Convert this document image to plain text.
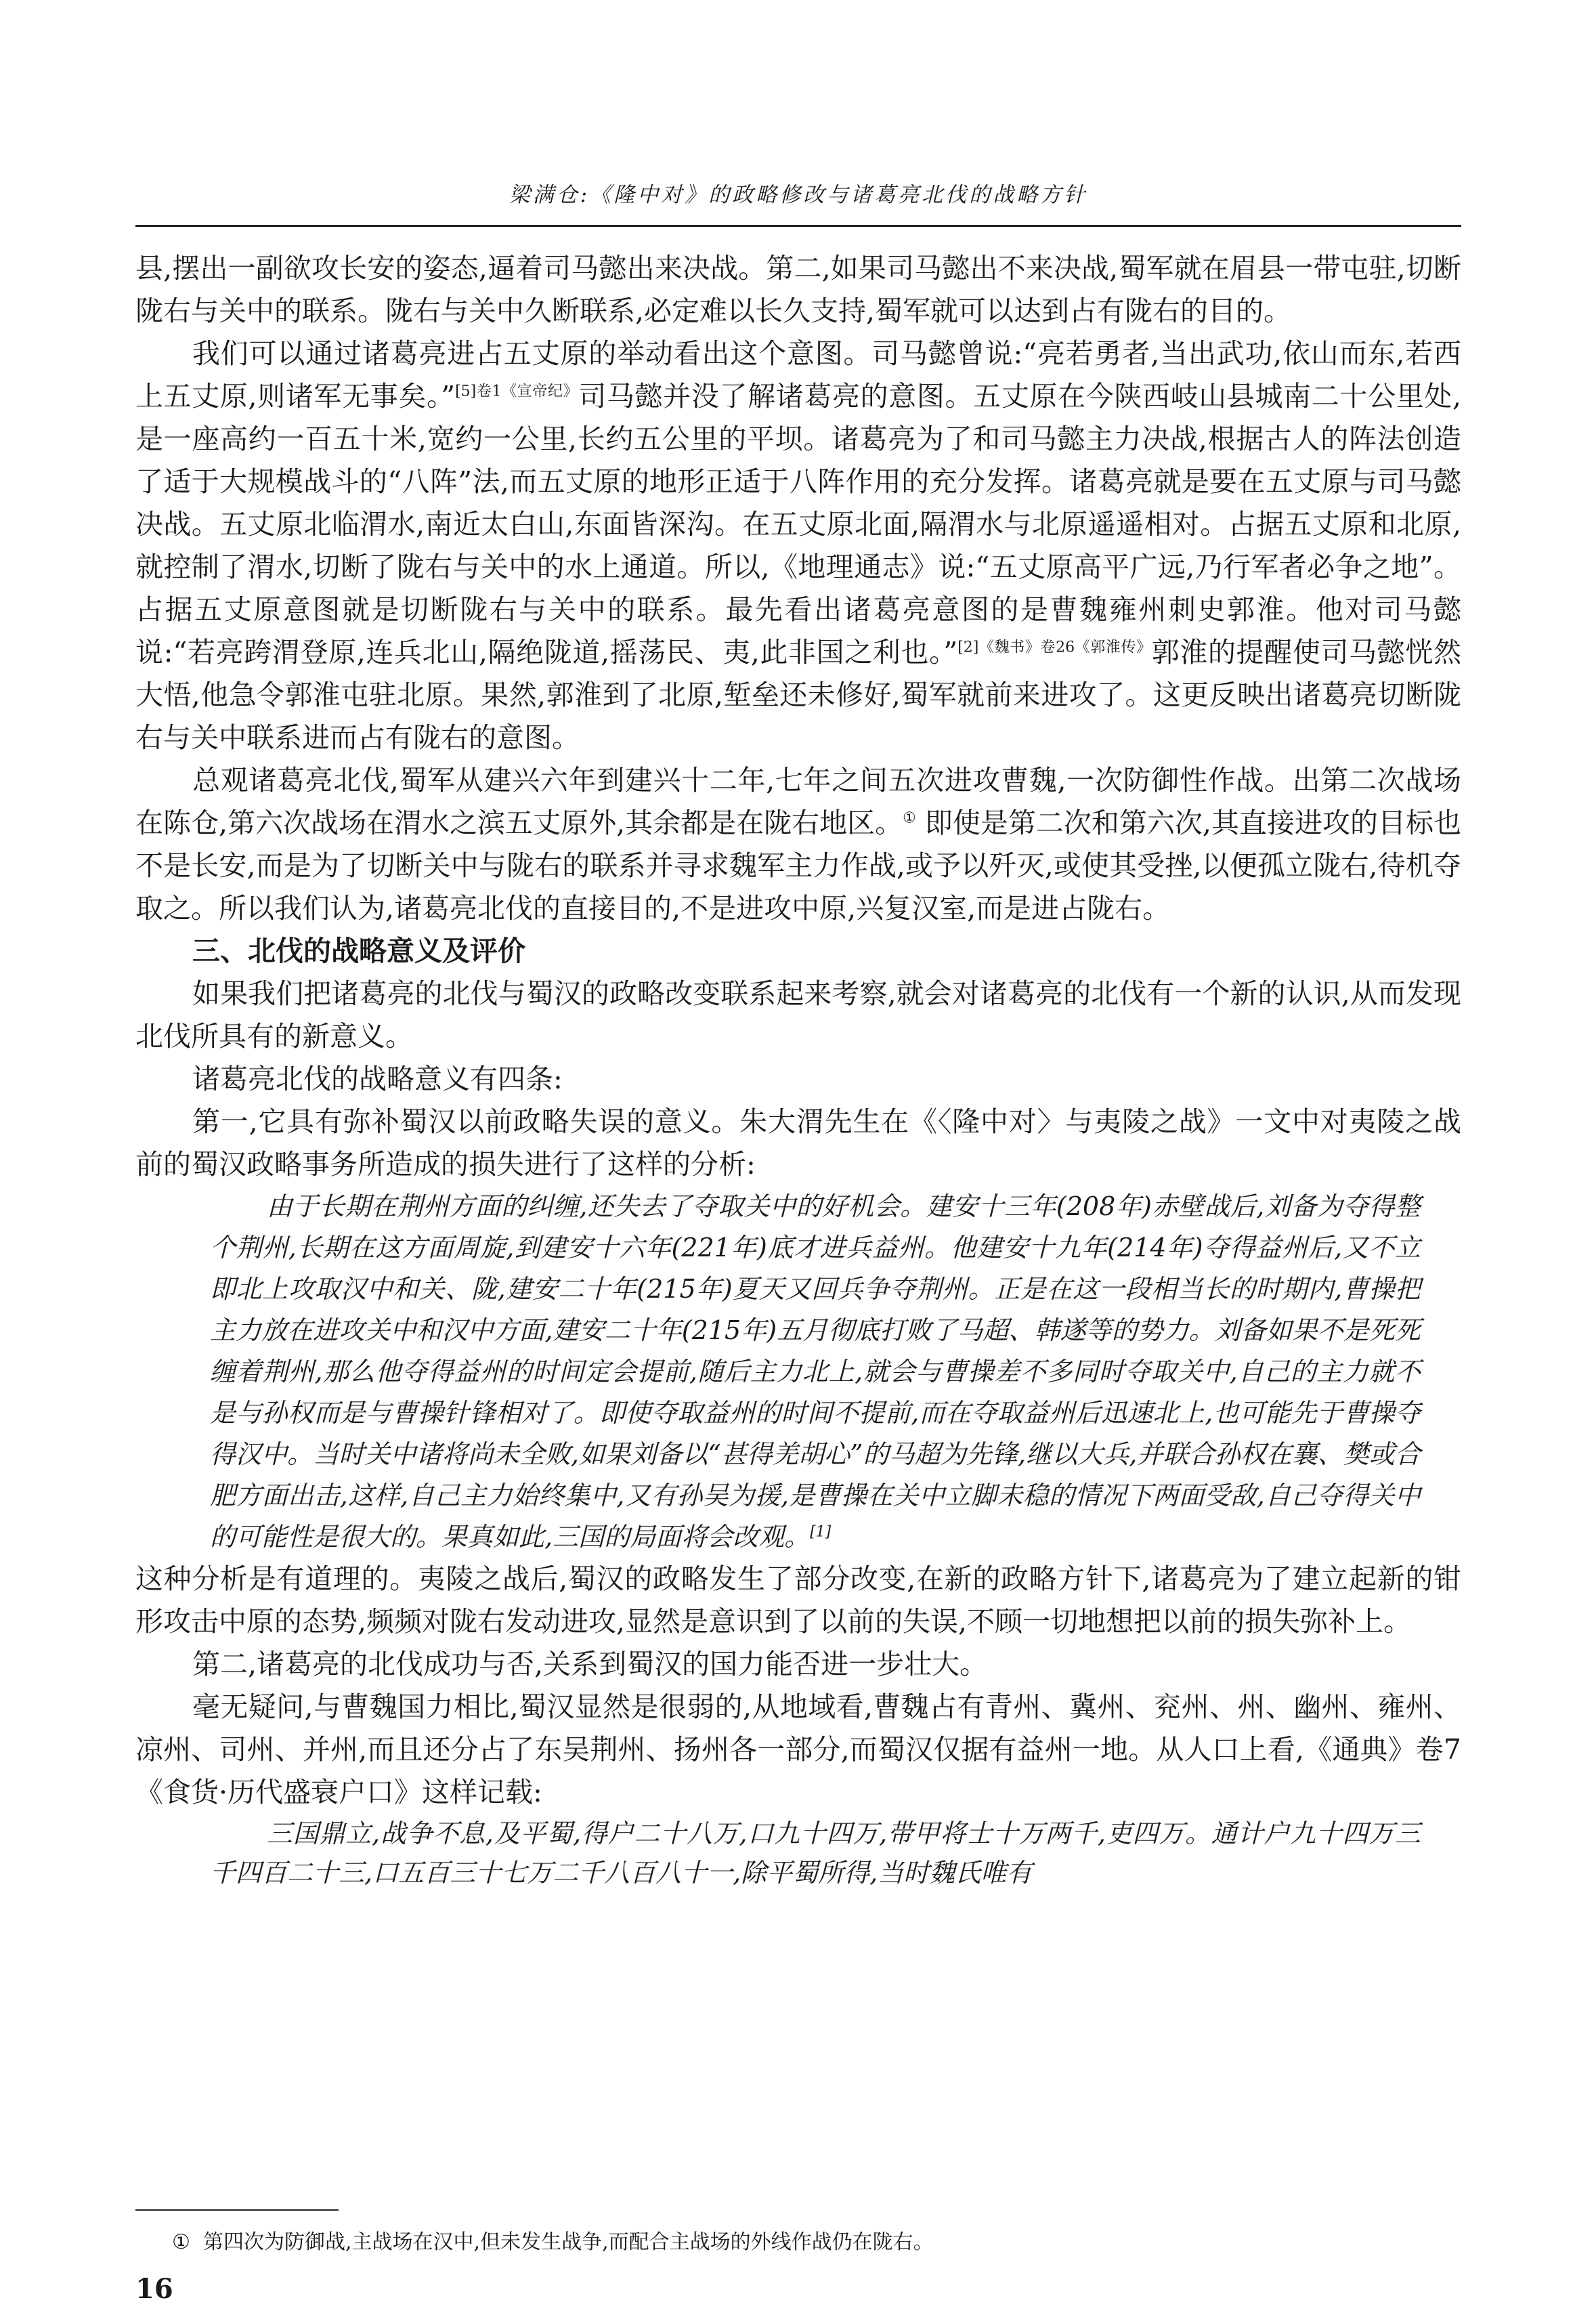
梁满仓:《隆中对》的政略修改与诸葛亮北伐的战略方针

县,摆出一副欲攻长安的姿态,逼着司马懿出来决战。第二,如果司马懿出不来决战,蜀军就在眉县一带屯驻,切断陇右与关中的联系。陇右与关中久断联系,必定难以长久支持,蜀军就可以达到占有陇右的目的。

我们可以通过诸葛亮进占五丈原的举动看出这个意图。司马懿曾说:“亮若勇者,当出武功,依山而东,若西上五丈原,则诸军无事矣。”$^{[5]卷1《宣帝纪》}$司马懿并没了解诸葛亮的意图。五丈原在今陕西岐山县城南二十公里处,是一座高约一百五十米,宽约一公里,长约五公里的平坝。诸葛亮为了和司马懿主力决战,根据古人的阵法创造了适于大规模战斗的“八阵”法,而五丈原的地形正适于八阵作用的充分发挥。诸葛亮就是要在五丈原与司马懿决战。五丈原北临渭水,南近太白山,东面皆深沟。在五丈原北面,隔渭水与北原遥遥相对。占据五丈原和北原,就控制了渭水,切断了陇右与关中的水上通道。所以,《地理通志》说:“五丈原高平广远,乃行军者必争之地”。占据五丈原意图就是切断陇右与关中的联系。最先看出诸葛亮意图的是曹魏雍州刺史郭淮。他对司马懿说:“若亮跨渭登原,连兵北山,隔绝陇道,摇荡民、夷,此非国之利也。”$^{[2]《魏书》卷26《郭淮传》}$郭淮的提醒使司马懿恍然大悟,他急令郭淮屯驻北原。果然,郭淮到了北原,堑垒还未修好,蜀军就前来进攻了。这更反映出诸葛亮切断陇右与关中联系进而占有陇右的意图。

总观诸葛亮北伐,蜀军从建兴六年到建兴十二年,七年之间五次进攻曹魏,一次防御性作战。出第二次战场在陈仓,第六次战场在渭水之滨五丈原外,其余都是在陇右地区。① 即使是第二次和第六次,其直接进攻的目标也不是长安,而是为了切断关中与陇右的联系并寻求魏军主力作战,或予以歼灭,或使其受挫,以便孤立陇右,待机夺取之。所以我们认为,诸葛亮北伐的直接目的,不是进攻中原,兴复汉室,而是进占陇右。

三、北伐的战略意义及评价

如果我们把诸葛亮的北伐与蜀汉的政略改变联系起来考察,就会对诸葛亮的北伐有一个新的认识,从而发现北伐所具有的新意义。

诸葛亮北伐的战略意义有四条:

第一,它具有弥补蜀汉以前政略失误的意义。朱大渭先生在《〈隆中对〉与夷陵之战》一文中对夷陵之战前的蜀汉政略事务所造成的损失进行了这样的分析:

由于长期在荆州方面的纠缠,还失去了夺取关中的好机会。建安十三年(208年)赤壁战后,刘备为夺得整个荆州,长期在这方面周旋,到建安十六年(221年)底才进兵益州。他建安十九年(214年)夺得益州后,又不立即北上攻取汉中和关、陇,建安二十年(215年)夏天又回兵争夺荆州。正是在这一段相当长的时期内,曹操把主力放在进攻关中和汉中方面,建安二十年(215年)五月彻底打败了马超、韩遂等的势力。刘备如果不是死死缠着荆州,那么他夺得益州的时间定会提前,随后主力北上,就会与曹操差不多同时夺取关中,自己的主力就不是与孙权而是与曹操针锋相对了。即使夺取益州的时间不提前,而在夺取益州后迅速北上,也可能先于曹操夺得汉中。当时关中诸将尚未全败,如果刘备以“甚得羌胡心”的马超为先锋,继以大兵,并联合孙权在襄、樊或合肥方面出击,这样,自己主力始终集中,又有孙吴为援,是曹操在关中立脚未稳的情况下两面受敌,自己夺得关中的可能性是很大的。果真如此,三国的局面将会改观。[1]

这种分析是有道理的。夷陵之战后,蜀汉的政略发生了部分改变,在新的政略方针下,诸葛亮为了建立起新的钳形攻击中原的态势,频频对陇右发动进攻,显然是意识到了以前的失误,不顾一切地想把以前的损失弥补上。

第二,诸葛亮的北伐成功与否,关系到蜀汉的国力能否进一步壮大。

毫无疑问,与曹魏国力相比,蜀汉显然是很弱的,从地域看,曹魏占有青州、冀州、兖州、州、幽州、雍州、凉州、司州、并州,而且还分占了东吴荆州、扬州各一部分,而蜀汉仅据有益州一地。从人口上看,《通典》卷7《食货·历代盛衰户口》这样记载:

三国鼎立,战争不息,及平蜀,得户二十八万,口九十四万,带甲将士十万两千,吏四万。通计户九十四万三千四百二十三,口五百三十七万二千八百八十一,除平蜀所得,当时魏氏唯有

① 第四次为防御战,主战场在汉中,但未发生战争,而配合主战场的外线作战仍在陇右。
16
